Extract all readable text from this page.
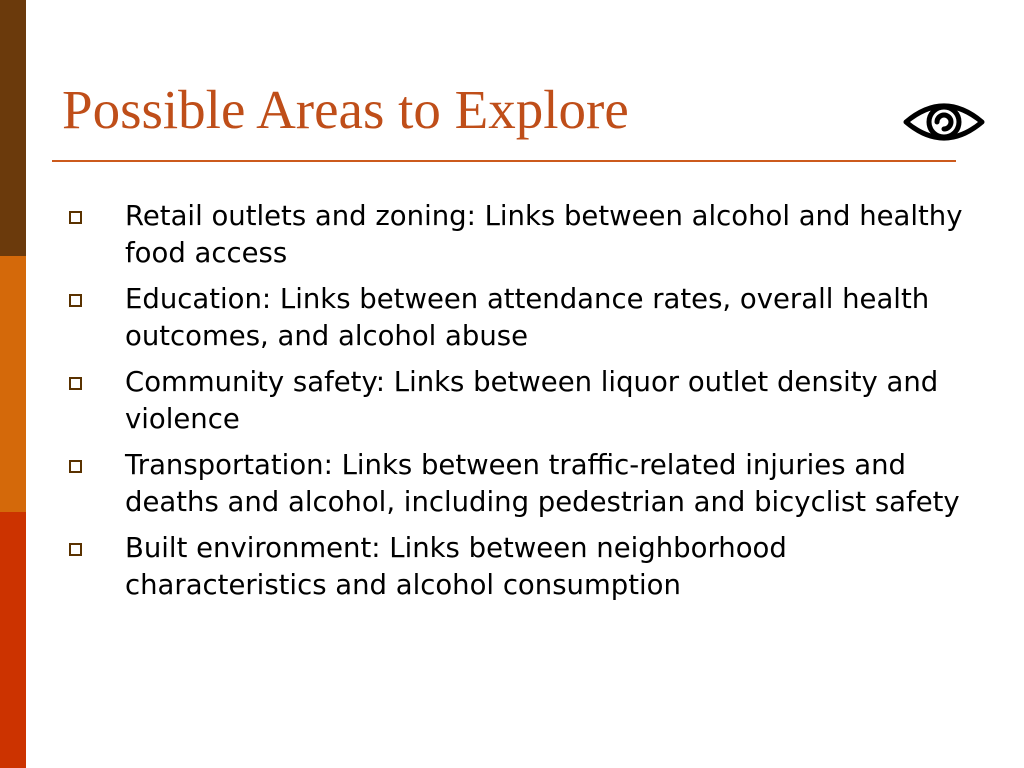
Possible Areas to Explore
Retail outlets and zoning: Links between alcohol and healthy food access
Education: Links between attendance rates, overall health outcomes, and alcohol abuse
Community safety: Links between liquor outlet density and violence
Transportation: Links between traffic-related injuries and deaths and alcohol, including pedestrian and bicyclist safety
Built environment: Links between neighborhood characteristics and alcohol consumption
